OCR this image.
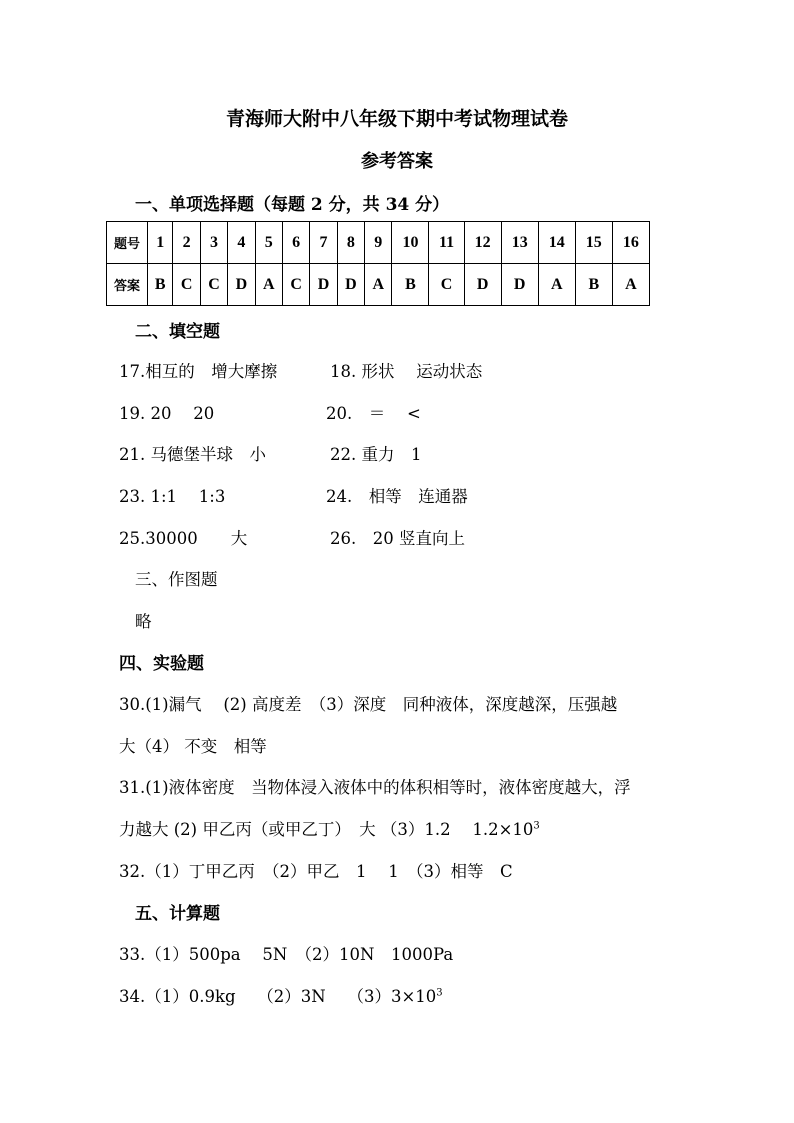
青海师大附中八年级下期中考试物理试卷
参考答案
一、单项选择题（每题 2 分，共 34 分）
题号	1	2	3	4	5	6	7	8	9	10	11	12	13	14	15	16
答案	B	C	C	D	A	C	D	D	A	B	C	D	D	A	B	A
二、填空题
17.相互的　增大摩擦	18. 形状　 运动状态
19. 20　 20	20.　＝　 <
21. 马德堡半球　小	22. 重力　1
23. 1:1　 1:3	24.　相等　连通器
25.30000　　大	26.　20 竖直向上
三、作图题
略
四、实验题
30.(1)漏气　 (2) 高度差　（3）深度　同种液体，深度越深，压强越
大（4） 不变　相等
31.(1)液体密度　当物体浸入液体中的体积相等时，液体密度越大，浮
力越大 (2) 甲乙丙（或甲乙丁）　大 （3）1.2　 $1.2\times 10^3$
32.（1）丁甲乙丙　（2）甲乙　1　 1　（3）相等　C
五、计算题
33.（1）500pa　 5N　（2）10N　1000Pa
34.（1）0.9kg　 （2）3N　 $(3)3\times 10^3$
